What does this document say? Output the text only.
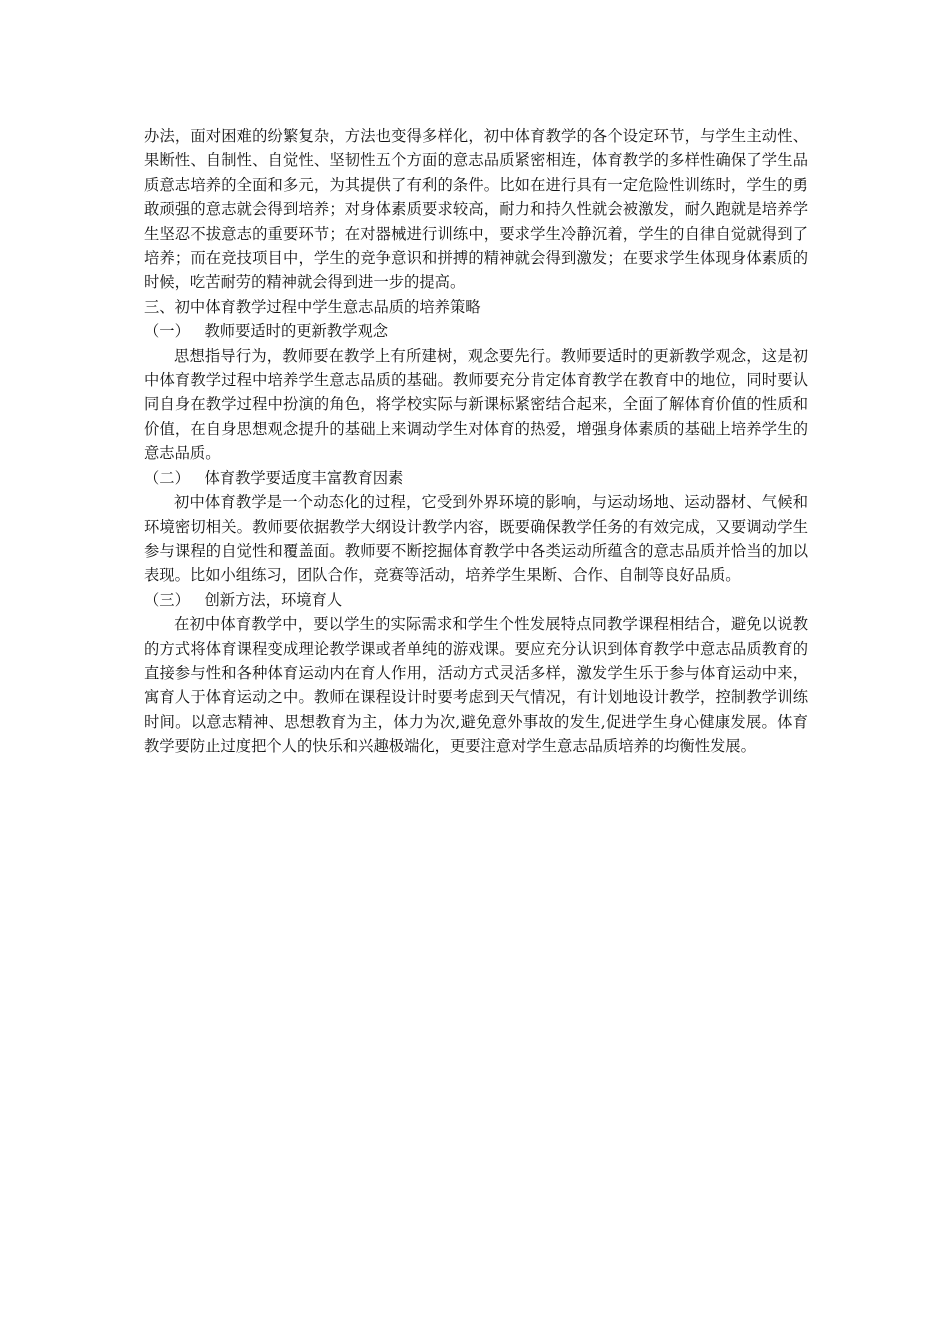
办法，面对困难的纷繁复杂，方法也变得多样化，初中体育教学的各个设定环节，与学生主动性、果断性、自制性、自觉性、坚韧性五个方面的意志品质紧密相连，体育教学的多样性确保了学生品质意志培养的全面和多元，为其提供了有利的条件。比如在进行具有一定危险性训练时，学生的勇敢顽强的意志就会得到培养；对身体素质要求较高，耐力和持久性就会被激发，耐久跑就是培养学生坚忍不拔意志的重要环节；在对器械进行训练中，要求学生冷静沉着，学生的自律自觉就得到了培养；而在竞技项目中，学生的竞争意识和拼搏的精神就会得到激发；在要求学生体现身体素质的时候，吃苦耐劳的精神就会得到进一步的提高。

三、初中体育教学过程中学生意志品质的培养策略

（一）   教师要适时的更新教学观念

思想指导行为，教师要在教学上有所建树，观念要先行。教师要适时的更新教学观念，这是初中体育教学过程中培养学生意志品质的基础。教师要充分肯定体育教学在教育中的地位，同时要认同自身在教学过程中扮演的角色，将学校实际与新课标紧密结合起来，全面了解体育价值的性质和价值，在自身思想观念提升的基础上来调动学生对体育的热爱，增强身体素质的基础上培养学生的意志品质。

（二）   体育教学要适度丰富教育因素

初中体育教学是一个动态化的过程，它受到外界环境的影响，与运动场地、运动器材、气候和环境密切相关。教师要依据教学大纲设计教学内容，既要确保教学任务的有效完成，又要调动学生参与课程的自觉性和覆盖面。教师要不断挖掘体育教学中各类运动所蕴含的意志品质并恰当的加以表现。比如小组练习，团队合作，竞赛等活动，培养学生果断、合作、自制等良好品质。

（三）   创新方法，环境育人

在初中体育教学中，要以学生的实际需求和学生个性发展特点同教学课程相结合，避免以说教的方式将体育课程变成理论教学课或者单纯的游戏课。要应充分认识到体育教学中意志品质教育的直接参与性和各种体育运动内在育人作用，活动方式灵活多样，激发学生乐于参与体育运动中来，寓育人于体育运动之中。教师在课程设计时要考虑到天气情况，有计划地设计教学，控制教学训练时间。以意志精神、思想教育为主，体力为次,避免意外事故的发生,促进学生身心健康发展。体育教学要防止过度把个人的快乐和兴趣极端化，更要注意对学生意志品质培养的均衡性发展。
